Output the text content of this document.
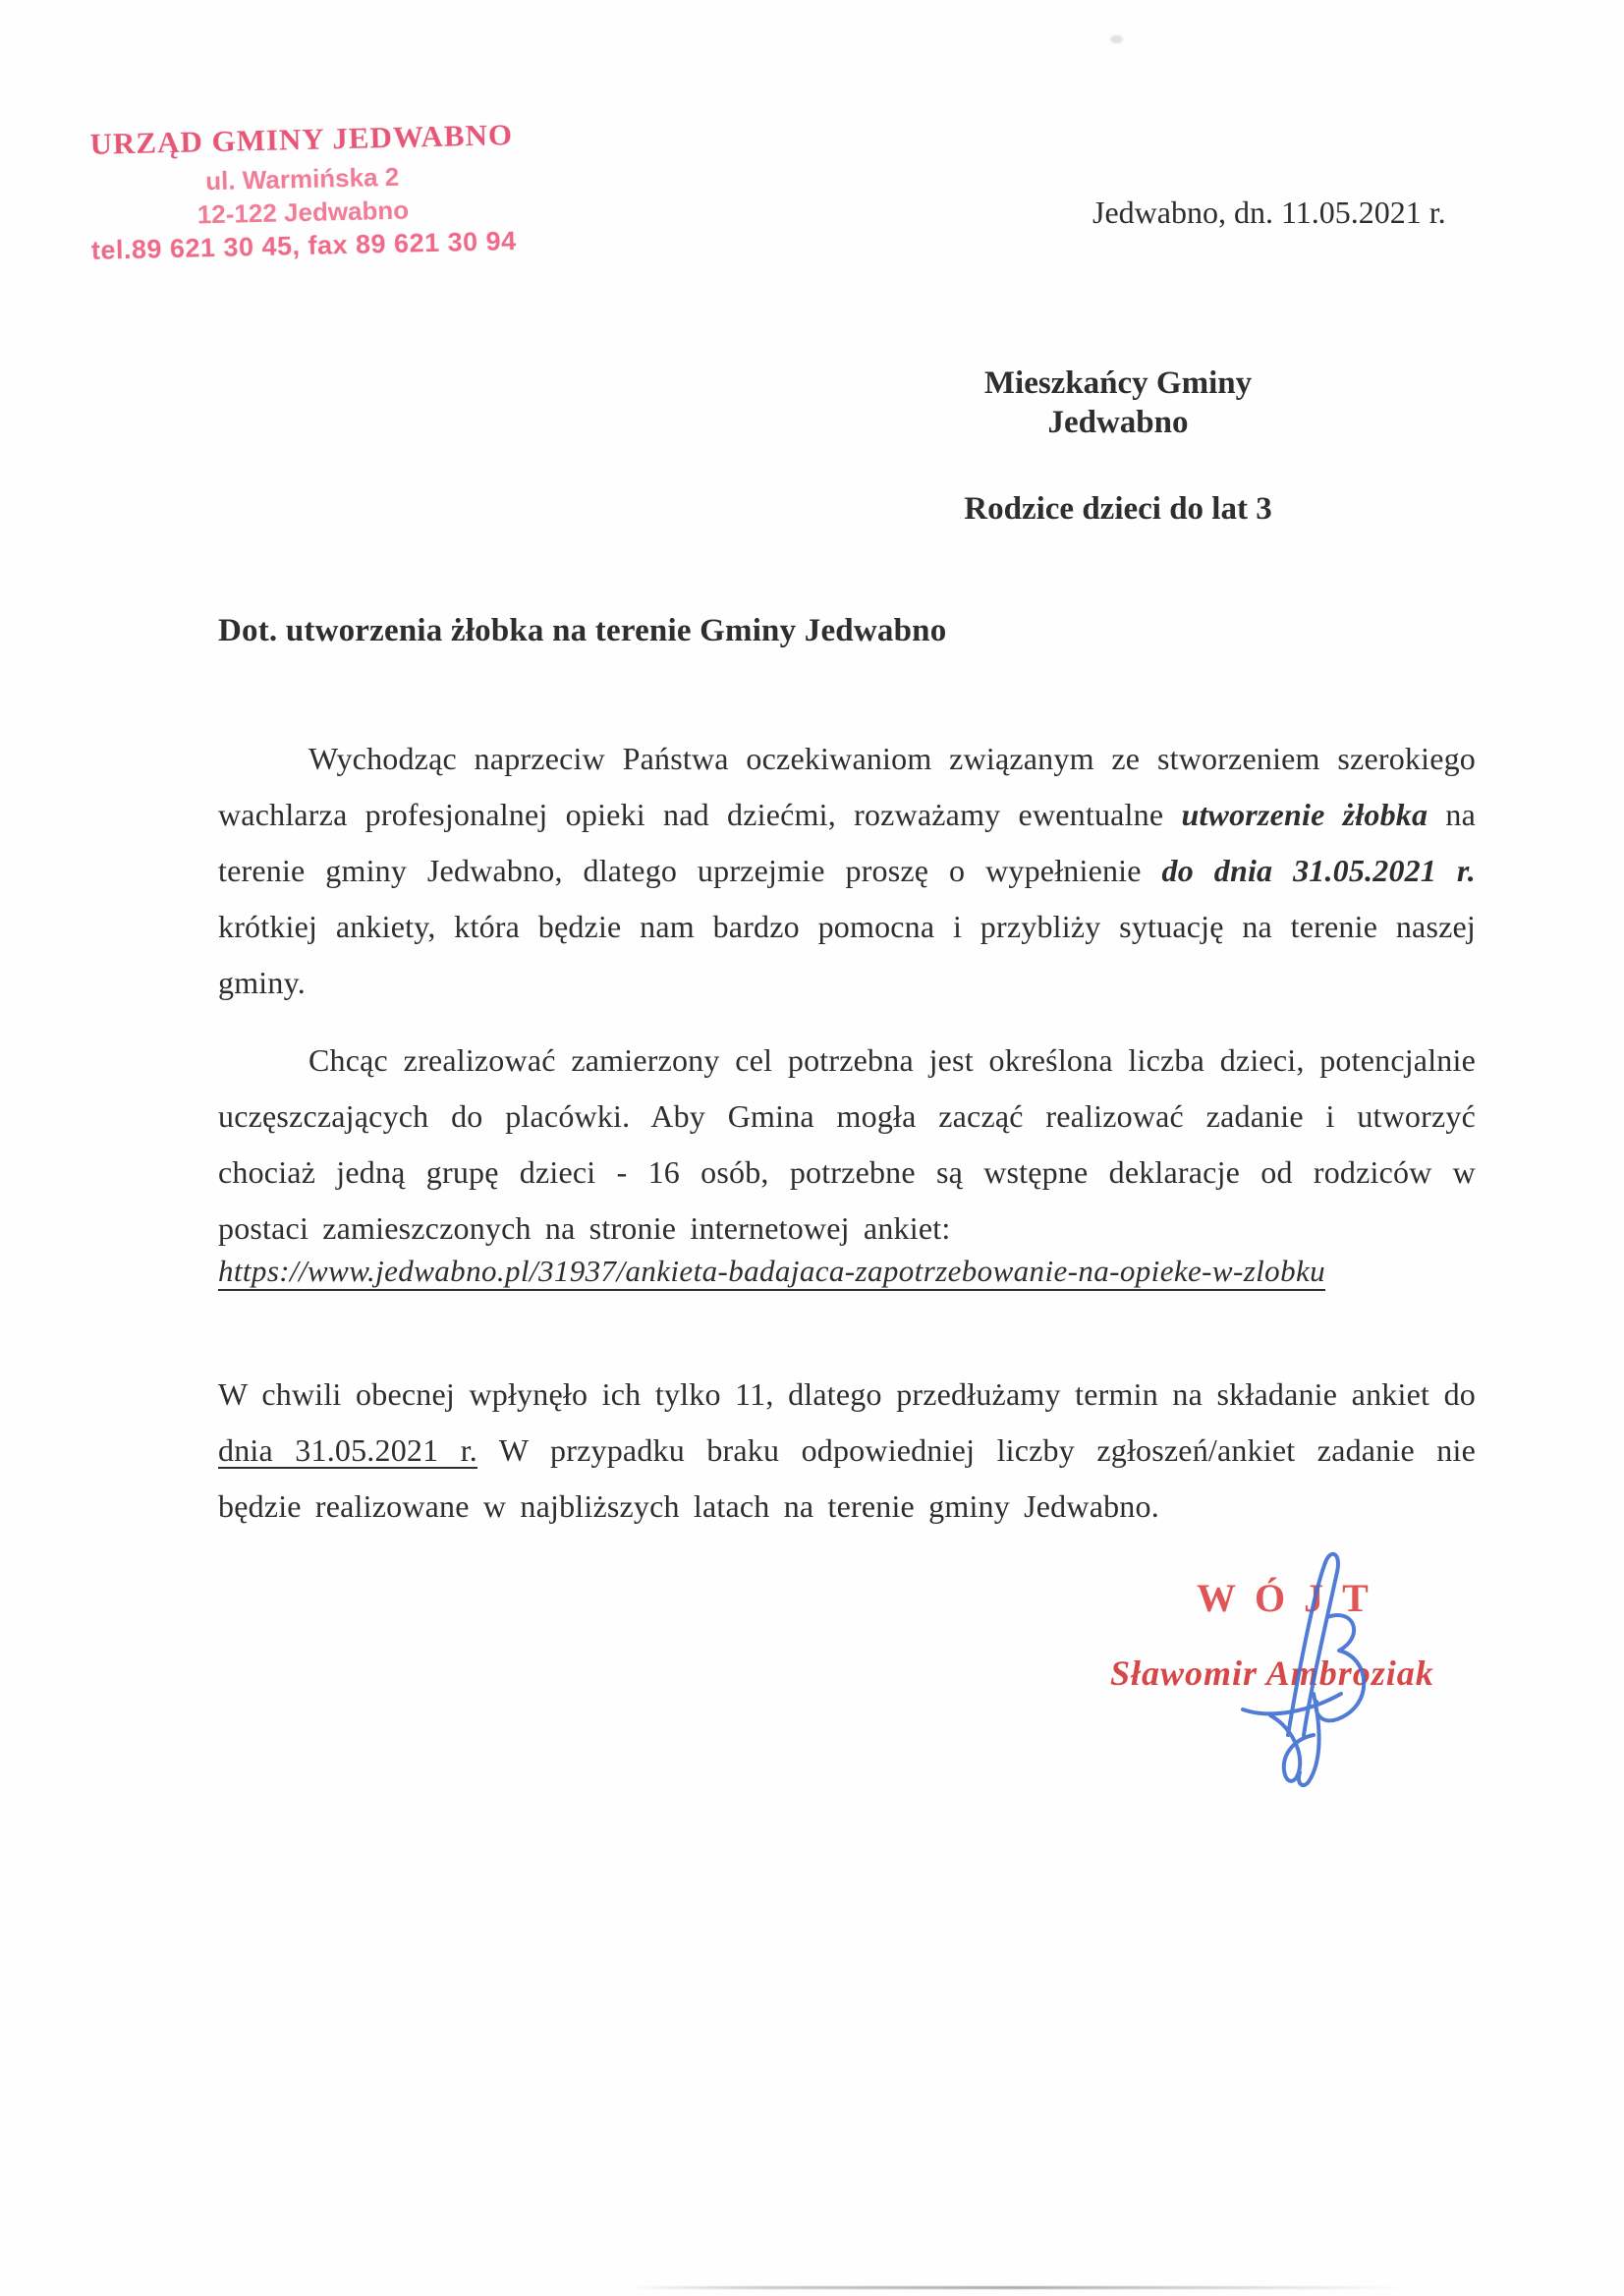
URZĄD GMINY JEDWABNO
ul. Warmińska 2
12-122 Jedwabno
tel.89 621 30 45, fax 89 621 30 94
Jedwabno, dn. 11.05.2021 r.
Mieszkańcy Gminy Jedwabno
Rodzice dzieci do lat 3
Dot. utworzenia żłobka na terenie Gminy Jedwabno

Wychodząc naprzeciw Państwa oczekiwaniom związanym ze stworzeniem szerokiego wachlarza profesjonalnej opieki nad dziećmi, rozważamy ewentualne utworzenie żłobka na terenie gminy Jedwabno, dlatego uprzejmie proszę o wypełnienie do dnia 31.05.2021 r. krótkiej ankiety, która będzie nam bardzo pomocna i przybliży sytuację na terenie naszej gminy.

Chcąc zrealizować zamierzony cel potrzebna jest określona liczba dzieci, potencjalnie uczęszczających do placówki. Aby Gmina mogła zacząć realizować zadanie i utworzyć chociaż jedną grupę dzieci - 16 osób, potrzebne są wstępne deklaracje od rodziców w postaci zamieszczonych na stronie internetowej ankiet:

https://www.jedwabno.pl/31937/ankieta-badajaca-zapotrzebowanie-na-opieke-w-zlobku

W chwili obecnej wpłynęło ich tylko 11, dlatego przedłużamy termin na składanie ankiet do dnia 31.05.2021 r. W przypadku braku odpowiedniej liczby zgłoszeń/ankiet zadanie nie będzie realizowane w najbliższych latach na terenie gminy Jedwabno.

WÓJT
Sławomir Ambroziak
